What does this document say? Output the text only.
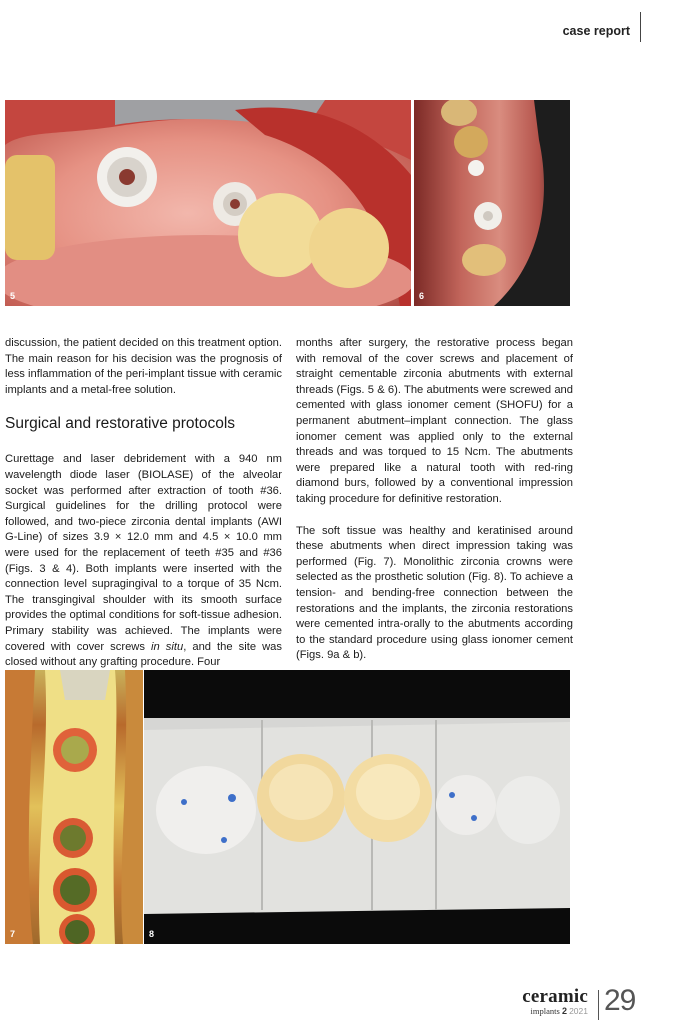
case report
5	6

discussion, the patient decided on this treatment option. The main reason for his decision was the prognosis of less inflammation of the peri-implant tissue with ceramic implants and a metal-free solution.

Surgical and restorative protocols

Curettage and laser debridement with a 940 nm wavelength diode laser (BIOLASE) of the alveolar socket was performed after extraction of tooth #36. Surgical guidelines for the drilling protocol were followed, and two-piece zirconia dental implants (AWI G-Line) of sizes 3.9 × 12.0 mm and 4.5 × 10.0 mm were used for the replacement of teeth #35 and #36 (Figs. 3 & 4). Both implants were inserted with the connection level supragingival to a torque of 35 Ncm. The transgingival shoulder with its smooth surface provides the optimal conditions for soft-tissue adhesion. Primary stability was achieved. The implants were covered with cover screws in situ, and the site was closed without any grafting procedure. Four

months after surgery, the restorative process began with removal of the cover screws and placement of straight cementable zirconia abutments with external threads (Figs. 5 & 6). The abutments were screwed and cemented with glass ionomer cement (SHOFU) for a permanent abutment–implant connection. The glass ionomer cement was applied only to the external threads and was torqued to 15 Ncm. The abutments were prepared like a natural tooth with red-ring diamond burs, followed by a conventional impression taking procedure for definitive restoration.

The soft tissue was healthy and keratinised around these abutments when direct impression taking was performed (Fig. 7). Monolithic zirconia crowns were selected as the prosthetic solution (Fig. 8). To achieve a tension- and bending-free connection between the restorations and the implants, the zirconia restorations were cemented intra-orally to the abutments according to the standard procedure using glass ionomer cement (Figs. 9a & b).

7	8
ceramic
implants 2 2021 29
